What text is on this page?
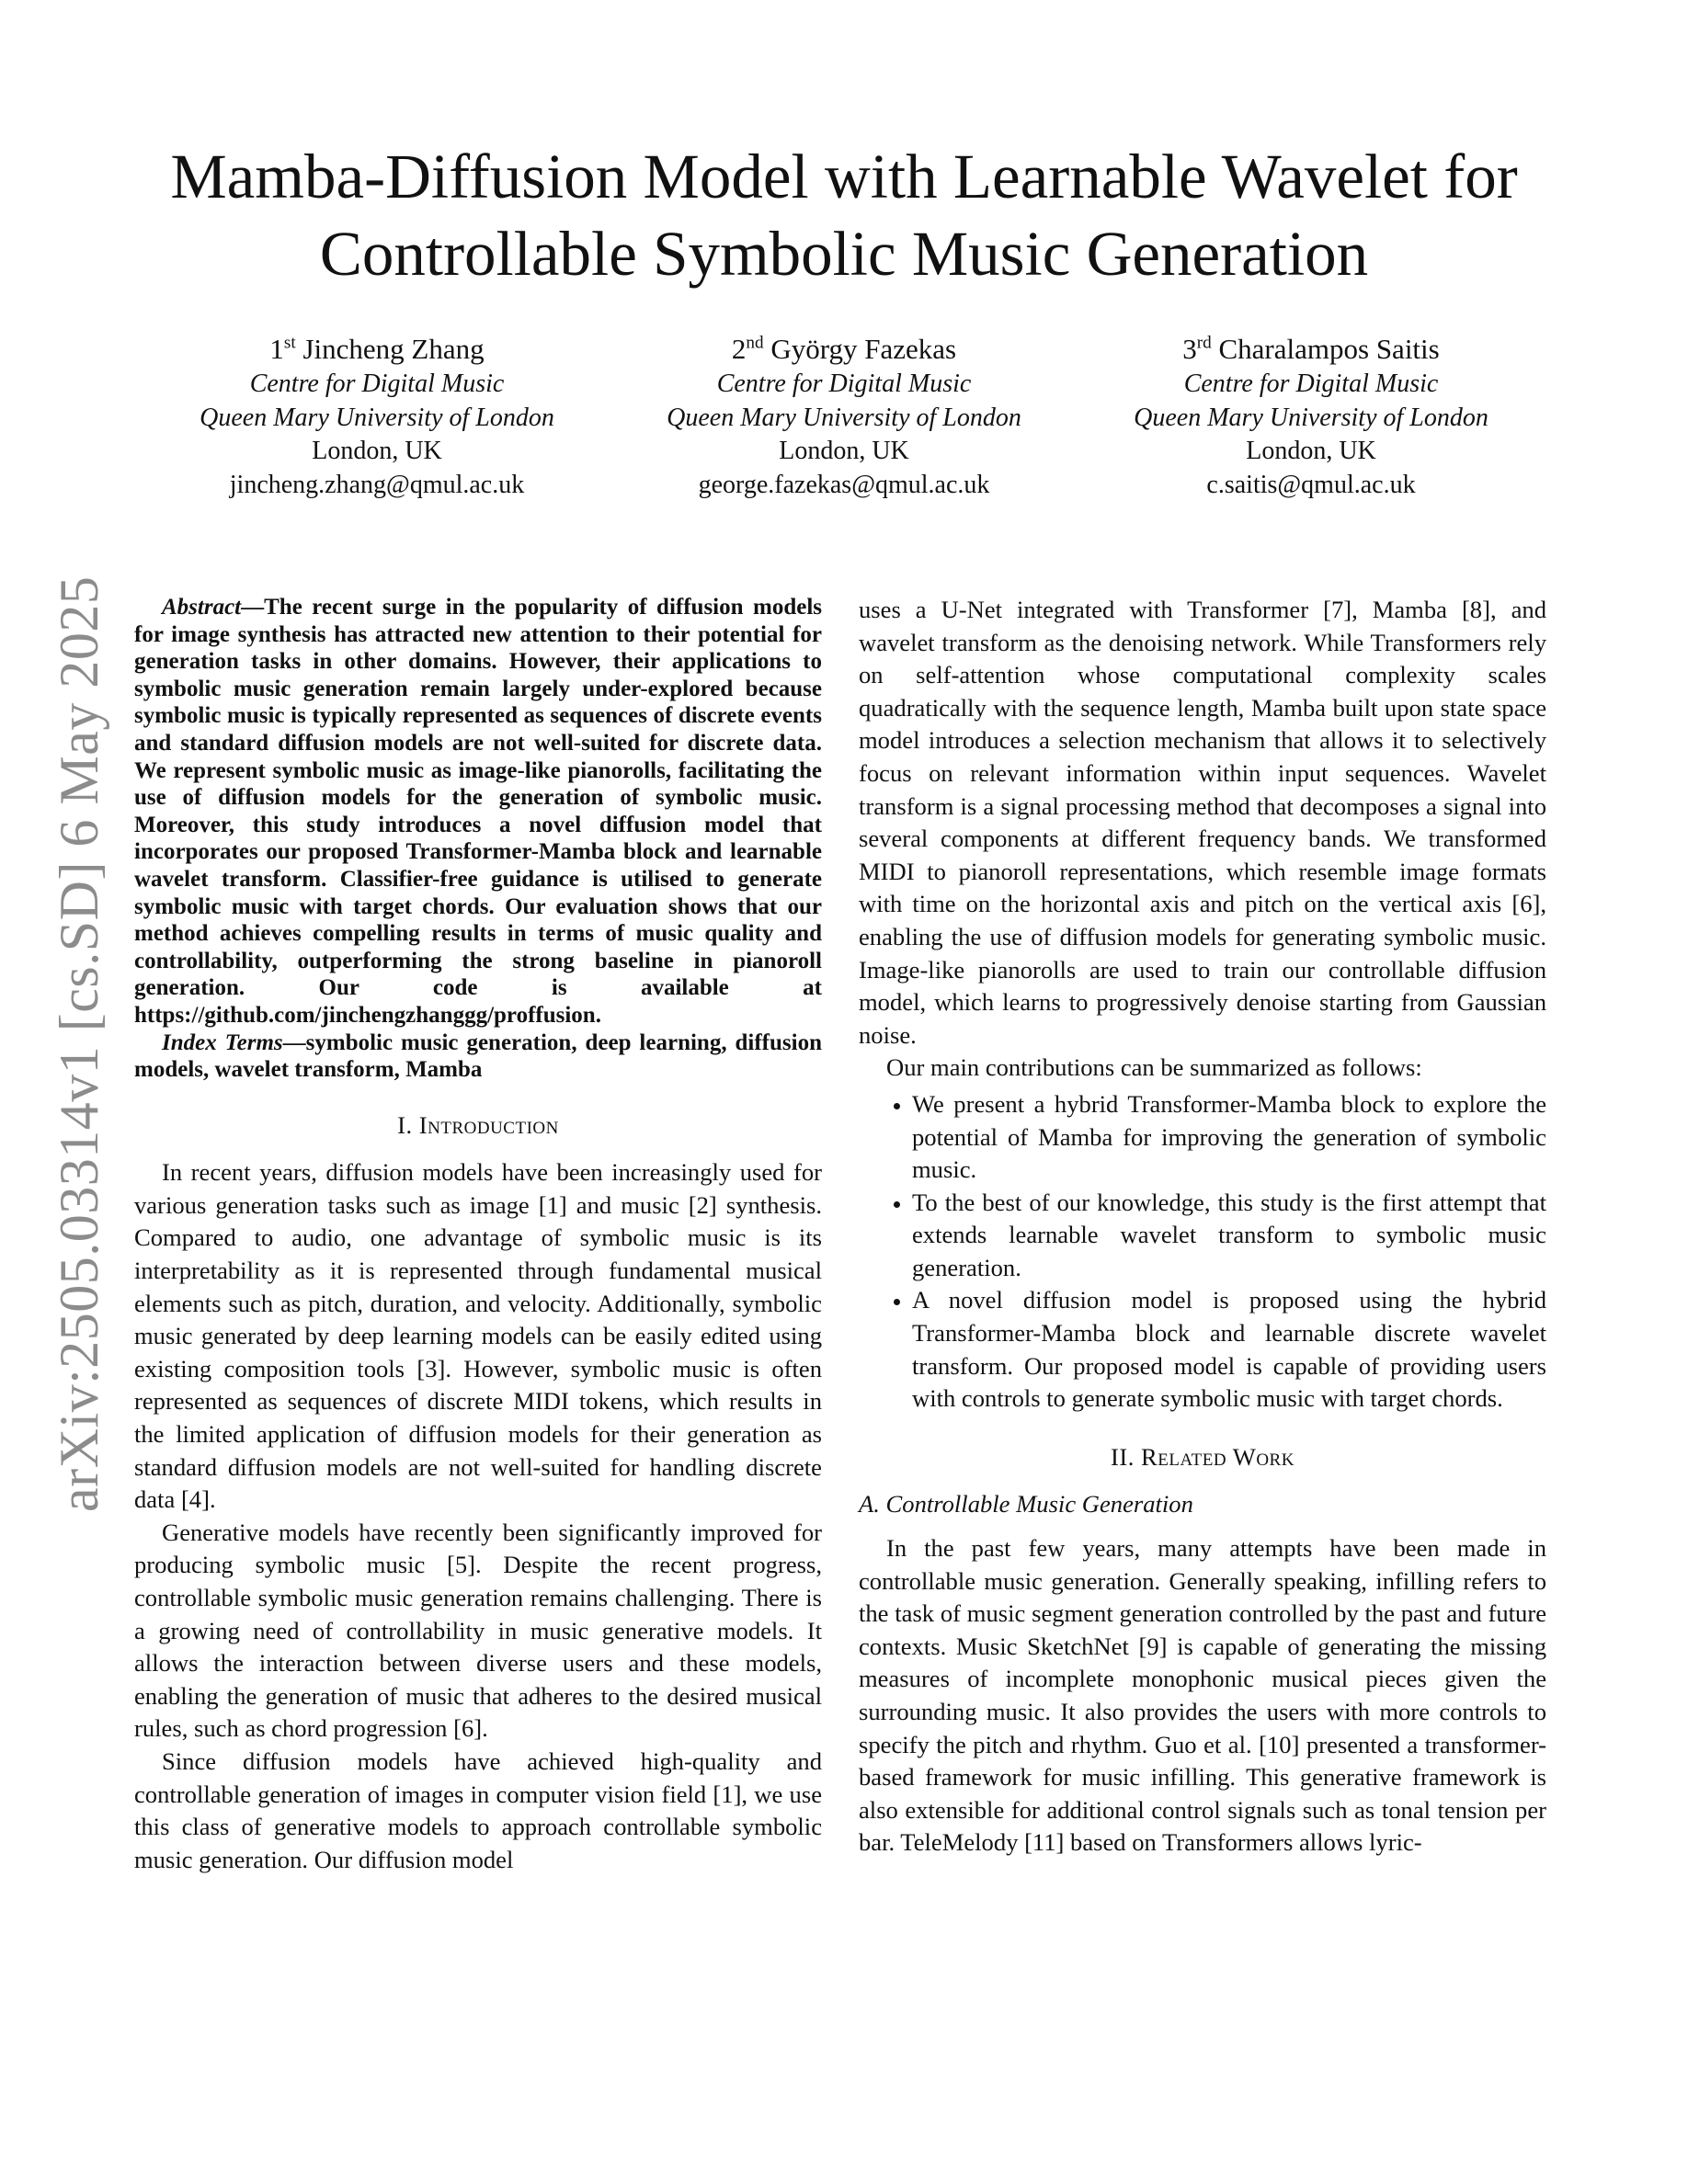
arXiv:2505.03314v1 [cs.SD] 6 May 2025
Mamba-Diffusion Model with Learnable Wavelet for Controllable Symbolic Music Generation
1st Jincheng Zhang
Centre for Digital Music
Queen Mary University of London
London, UK
jincheng.zhang@qmul.ac.uk
2nd György Fazekas
Centre for Digital Music
Queen Mary University of London
London, UK
george.fazekas@qmul.ac.uk
3rd Charalampos Saitis
Centre for Digital Music
Queen Mary University of London
London, UK
c.saitis@qmul.ac.uk

Abstract—The recent surge in the popularity of diffusion models for image synthesis has attracted new attention to their potential for generation tasks in other domains. However, their applications to symbolic music generation remain largely under-explored because symbolic music is typically represented as sequences of discrete events and standard diffusion models are not well-suited for discrete data. We represent symbolic music as image-like pianorolls, facilitating the use of diffusion models for the generation of symbolic music. Moreover, this study introduces a novel diffusion model that incorporates our proposed Transformer-Mamba block and learnable wavelet transform. Classifier-free guidance is utilised to generate symbolic music with target chords. Our evaluation shows that our method achieves compelling results in terms of music quality and controllability, outperforming the strong baseline in pianoroll generation. Our code is available at https://github.com/jinchengzhanggg/proffusion.

Index Terms—symbolic music generation, deep learning, diffusion models, wavelet transform, Mamba

I. Introduction

In recent years, diffusion models have been increasingly used for various generation tasks such as image [1] and music [2] synthesis. Compared to audio, one advantage of symbolic music is its interpretability as it is represented through fundamental musical elements such as pitch, duration, and velocity. Additionally, symbolic music generated by deep learning models can be easily edited using existing composition tools [3]. However, symbolic music is often represented as sequences of discrete MIDI tokens, which results in the limited application of diffusion models for their generation as standard diffusion models are not well-suited for handling discrete data [4].

Generative models have recently been significantly improved for producing symbolic music [5]. Despite the recent progress, controllable symbolic music generation remains challenging. There is a growing need of controllability in music generative models. It allows the interaction between diverse users and these models, enabling the generation of music that adheres to the desired musical rules, such as chord progression [6].

Since diffusion models have achieved high-quality and controllable generation of images in computer vision field [1], we use this class of generative models to approach controllable symbolic music generation. Our diffusion model

uses a U-Net integrated with Transformer [7], Mamba [8], and wavelet transform as the denoising network. While Transformers rely on self-attention whose computational complexity scales quadratically with the sequence length, Mamba built upon state space model introduces a selection mechanism that allows it to selectively focus on relevant information within input sequences. Wavelet transform is a signal processing method that decomposes a signal into several components at different frequency bands. We transformed MIDI to pianoroll representations, which resemble image formats with time on the horizontal axis and pitch on the vertical axis [6], enabling the use of diffusion models for generating symbolic music. Image-like pianorolls are used to train our controllable diffusion model, which learns to progressively denoise starting from Gaussian noise.

Our main contributions can be summarized as follows:

• We present a hybrid Transformer-Mamba block to explore the potential of Mamba for improving the generation of symbolic music.
• To the best of our knowledge, this study is the first attempt that extends learnable wavelet transform to symbolic music generation.
• A novel diffusion model is proposed using the hybrid Transformer-Mamba block and learnable discrete wavelet transform. Our proposed model is capable of providing users with controls to generate symbolic music with target chords.
II. Related Work
A. Controllable Music Generation

In the past few years, many attempts have been made in controllable music generation. Generally speaking, infilling refers to the task of music segment generation controlled by the past and future contexts. Music SketchNet [9] is capable of generating the missing measures of incomplete monophonic musical pieces given the surrounding music. It also provides the users with more controls to specify the pitch and rhythm. Guo et al. [10] presented a transformer-based framework for music infilling. This generative framework is also extensible for additional control signals such as tonal tension per bar. TeleMelody [11] based on Transformers allows lyric-
